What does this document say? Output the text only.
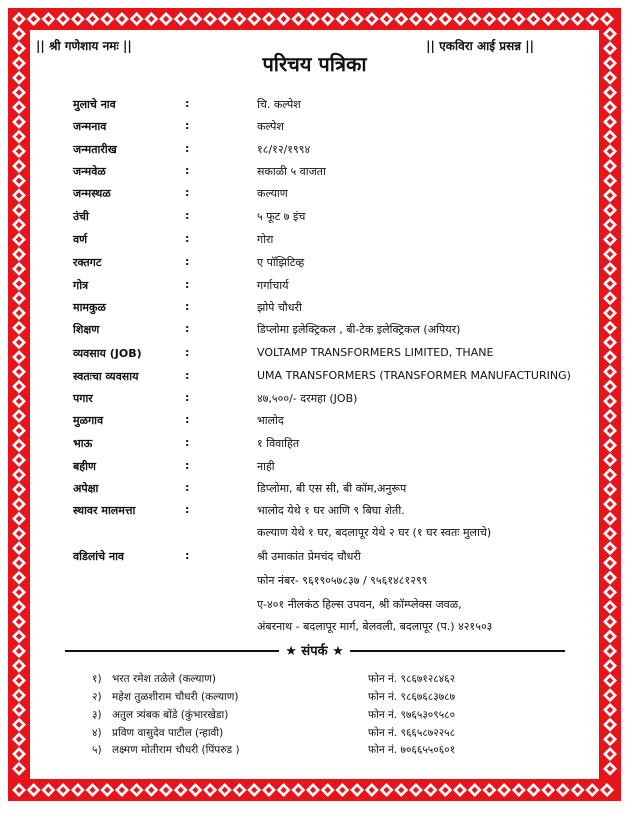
|| श्री गणेशाय नमः ||
परिचय पत्रिका
|| एकविरा आई प्रसन्न ||
मुलाचे नाव	:	चि. कल्पेश
जन्मनाव	:	कल्पेश
जन्मतारीख	:	१८/१२/१९९४
जन्मवेळ	:	सकाळी ५ वाजता
जन्मस्थळ	:	कल्याण
उंची	:	५ फूट ७ इंच
वर्ण	:	गोरा
रक्तगट	:	ए पॉझिटिव्ह
गोत्र	:	गर्गाचार्य
मामकुळ	:	झोपे चौधरी
शिक्षण	:	डिप्लोमा इलेक्ट्रिकल , बी-टेक इलेक्ट्रिकल (अपियर)
व्यवसाय (JOB)	:	VOLTAMP TRANSFORMERS LIMITED, THANE
स्वतःचा व्यवसाय	:	UMA TRANSFORMERS (TRANSFORMER MANUFACTURING)
पगार	:	४७,५००/- दरमहा (JOB)
मुळगाव	:	भालोद
भाऊ	:	१ विवाहित
बहीण	:	नाही
अपेक्षा	:	डिप्लोमा, बी एस सी, बी कॉम,अनुरूप
स्थावर मालमत्ता	:	भालोद येथे १ घर आणि ९ बिघा शेती.
कल्याण येथे १ घर, बदलापूर येथे २ घर (१ घर स्वतः मुलाचे)
वडिलांचे नाव	:	श्री उमाकांत प्रेमचंद चौधरी
फोन नंबर- ९६१९०५७८३७ / ९५६१४८१२९९
ए-४०१ नीलकंठ हिल्स उपवन, श्री कॉम्प्लेक्स जवळ,
अंबरनाथ - बदलापूर मार्ग, बेलवली, बदलापूर (प.) ४२१५०३
★ संपर्क ★
१) भरत रमेश तळेले (कल्याण)	फोन नं. ९८६७१२८४६२
२) महेश तुळशीराम चौधरी (कल्याण)	फोन नं. ९८६७६८३७८७
३) अतुल त्र्यंबक बोंडे (कुंभारखेडा)	फोन नं. ९७६५३०९५८०
४) प्रविण वासुदेव पाटील (न्हावी)	फोन नं. ९६६५८७२२५८
५) लक्ष्मण मोतीराम चौधरी (पिंपरुड )	फोन नं. ७०६६५५०६०१
